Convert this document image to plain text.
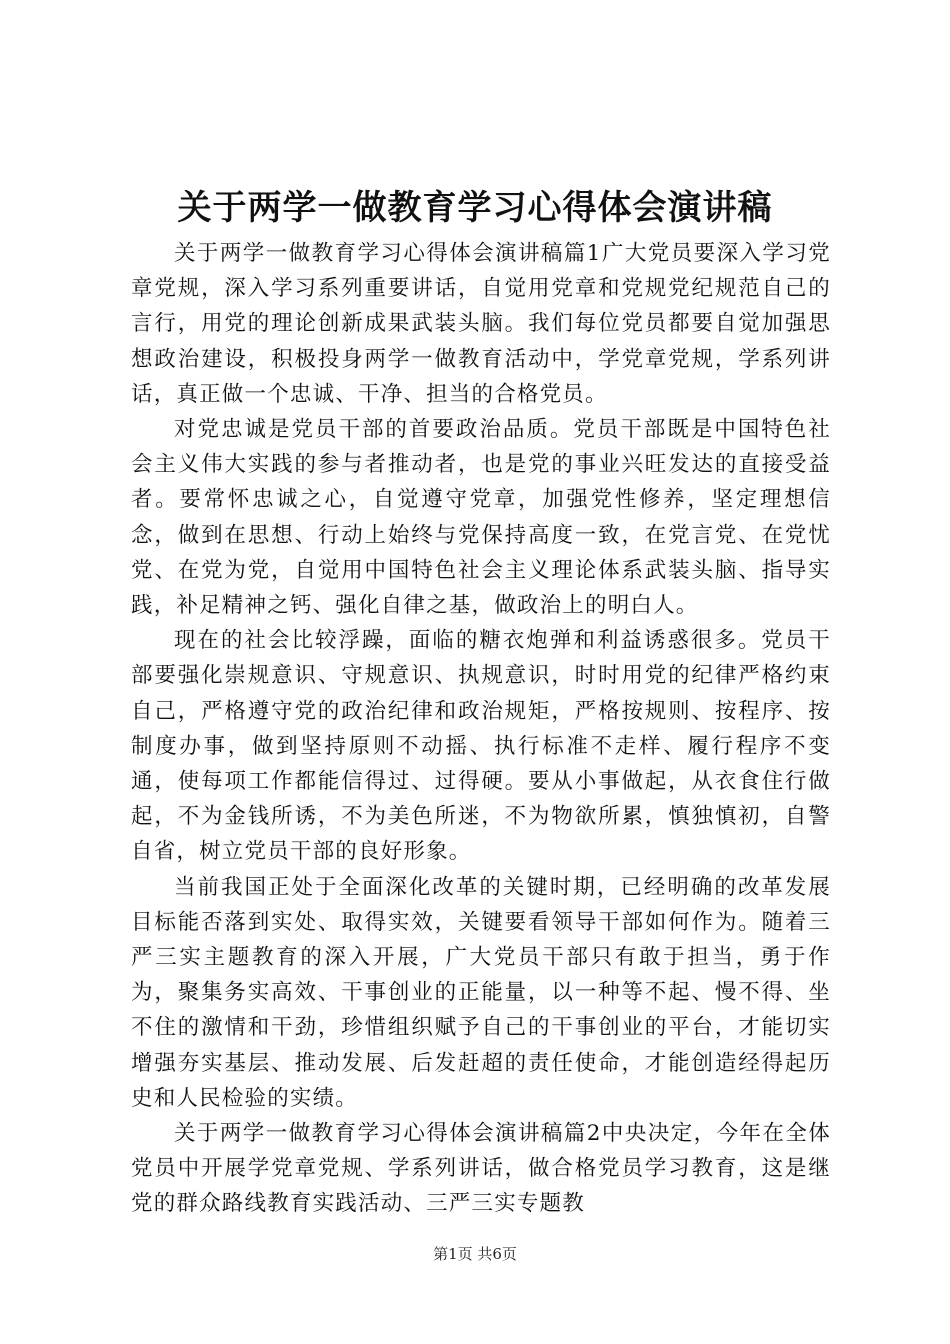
关于两学一做教育学习心得体会演讲稿

关于两学一做教育学习心得体会演讲稿篇1广大党员要深入学习党章党规，深入学习系列重要讲话，自觉用党章和党规党纪规范自己的言行，用党的理论创新成果武装头脑。我们每位党员都要自觉加强思想政治建设，积极投身两学一做教育活动中，学党章党规，学系列讲话，真正做一个忠诚、干净、担当的合格党员。

对党忠诚是党员干部的首要政治品质。党员干部既是中国特色社会主义伟大实践的参与者推动者，也是党的事业兴旺发达的直接受益者。要常怀忠诚之心，自觉遵守党章，加强党性修养，坚定理想信念，做到在思想、行动上始终与党保持高度一致，在党言党、在党忧党、在党为党，自觉用中国特色社会主义理论体系武装头脑、指导实践，补足精神之钙、强化自律之基，做政治上的明白人。

现在的社会比较浮躁，面临的糖衣炮弹和利益诱惑很多。党员干部要强化崇规意识、守规意识、执规意识，时时用党的纪律严格约束自己，严格遵守党的政治纪律和政治规矩，严格按规则、按程序、按制度办事，做到坚持原则不动摇、执行标准不走样、履行程序不变通，使每项工作都能信得过、过得硬。要从小事做起，从衣食住行做起，不为金钱所诱，不为美色所迷，不为物欲所累，慎独慎初，自警自省，树立党员干部的良好形象。

当前我国正处于全面深化改革的关键时期，已经明确的改革发展目标能否落到实处、取得实效，关键要看领导干部如何作为。随着三严三实主题教育的深入开展，广大党员干部只有敢于担当，勇于作为，聚集务实高效、干事创业的正能量，以一种等不起、慢不得、坐不住的激情和干劲，珍惜组织赋予自己的干事创业的平台，才能切实增强夯实基层、推动发展、后发赶超的责任使命，才能创造经得起历史和人民检验的实绩。

关于两学一做教育学习心得体会演讲稿篇2中央决定，今年在全体党员中开展学党章党规、学系列讲话，做合格党员学习教育，这是继党的群众路线教育实践活动、三严三实专题教

第1页 共6页
